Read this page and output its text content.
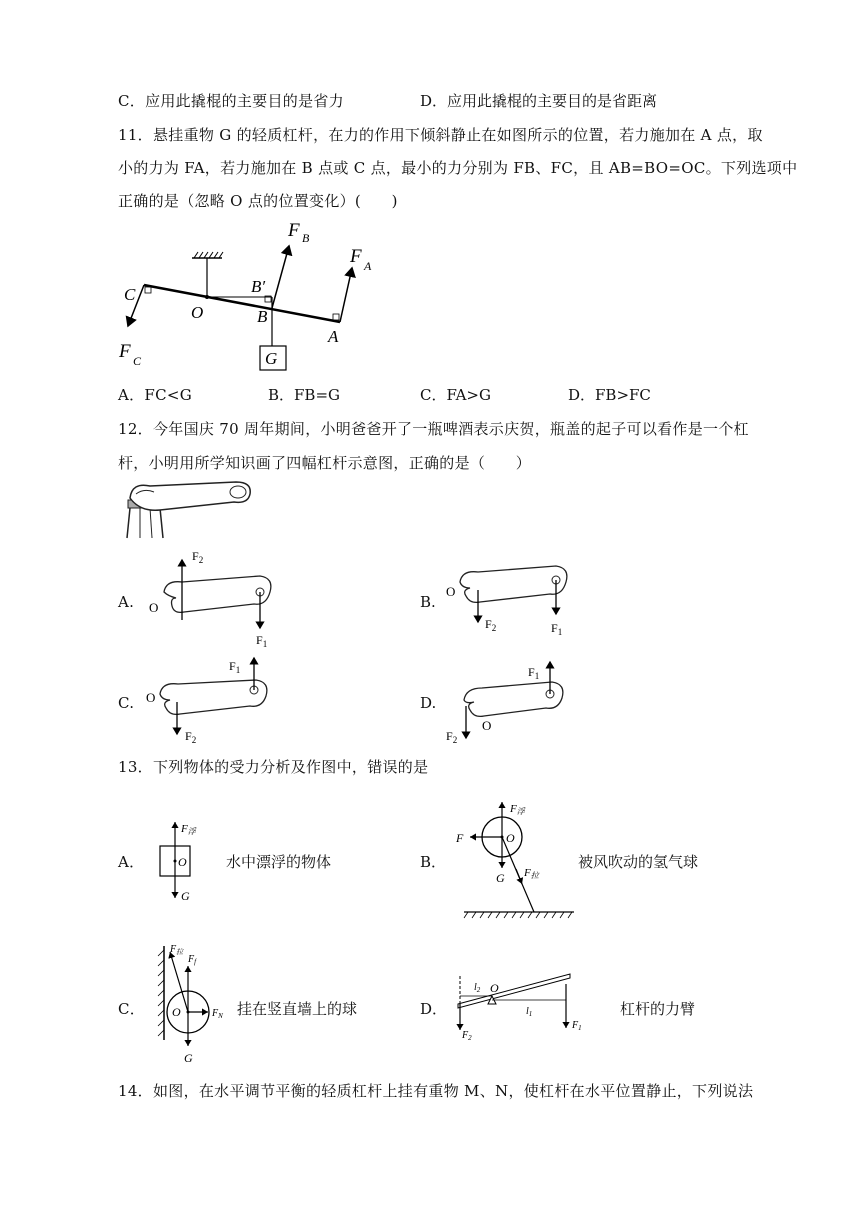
C．应用此撬棍的主要目的是省力	D．应用此撬棍的主要目的是省距离
11．悬挂重物 G 的轻质杠杆，在力的作用下倾斜静止在如图所示的位置，若力施加在 A 点，取
小的力为 FA，若力施加在 B 点或 C 点，最小的力分别为 FB、FC，且 AB=BO=OC。下列选项中
正确的是（忽略 O 点的位置变化）(　　)
F B
F A
F C
C
O
B′
B
A
G
A．FC<G	B．FB=G	C．FA>G	D．FB>FC
12．今年国庆 70 周年期间，小明爸爸开了一瓶啤酒表示庆贺，瓶盖的起子可以看作是一个杠
杆，小明用所学知识画了四幅杠杆示意图，正确的是（　　）
O
$F_2$
$F_1$
O
$F_2$	$F_1$
O
$F_1$
$F_2$
O
$F_1$
$F_2$
A.	B.
C.	D.
13．下列物体的受力分析及作图中，错误的是
F浮
O
G
F浮
F	O
G F拉
$F_拉$
$F_f$
O	$F_N$
G
$l_2$ O
$l_1$
$F_1$
$F_2$
A．	水中漂浮的物体	B．	被风吹动的氢气球
C．	挂在竖直墙上的球	D．	杠杆的力臂
14．如图，在水平调节平衡的轻质杠杆上挂有重物 M、N，使杠杆在水平位置静止，下列说法
